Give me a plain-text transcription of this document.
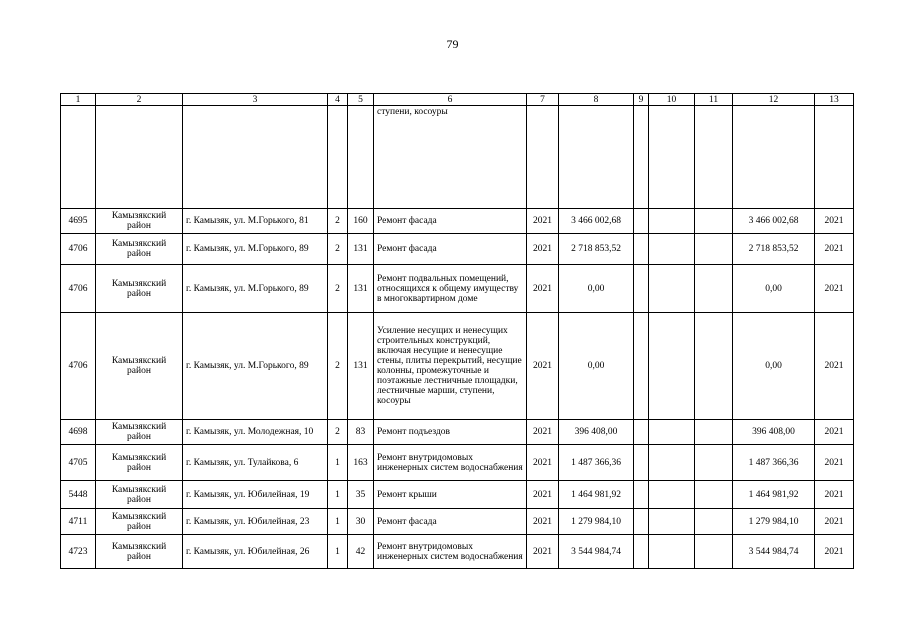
79
1	2	3	4	5	6	7	8	9	10	11	12	13
					ступени, косоуры							
4695	Камызякский район	г. Камызяк, ул. М.Горького, 81	2	160	Ремонт фасада	2021	3 466 002,68				3 466 002,68	2021
4706	Камызякский район	г. Камызяк, ул. М.Горького, 89	2	131	Ремонт фасада	2021	2 718 853,52				2 718 853,52	2021
4706	Камызякский район	г. Камызяк, ул. М.Горького, 89	2	131	Ремонт подвальных помещений, относящихся к общему имуществу в многоквартирном доме	2021	0,00				0,00	2021
4706	Камызякский район	г. Камызяк, ул. М.Горького, 89	2	131	Усиление несущих и ненесущих строительных конструкций, включая несущие и ненесущие стены, плиты перекрытий, несущие колонны, промежуточные и поэтажные лестничные площадки, лестничные марши, ступени, косоуры	2021	0,00				0,00	2021
4698	Камызякский район	г. Камызяк, ул. Молодежная, 10	2	83	Ремонт подъездов	2021	396 408,00				396 408,00	2021
4705	Камызякский район	г. Камызяк, ул. Тулайкова, 6	1	163	Ремонт внутридомовых инженерных систем водоснабжения	2021	1 487 366,36				1 487 366,36	2021
5448	Камызякский район	г. Камызяк, ул. Юбилейная, 19	1	35	Ремонт крыши	2021	1 464 981,92				1 464 981,92	2021
4711	Камызякский район	г. Камызяк, ул. Юбилейная, 23	1	30	Ремонт фасада	2021	1 279 984,10				1 279 984,10	2021
4723	Камызякский район	г. Камызяк, ул. Юбилейная, 26	1	42	Ремонт внутридомовых инженерных систем водоснабжения	2021	3 544 984,74				3 544 984,74	2021
